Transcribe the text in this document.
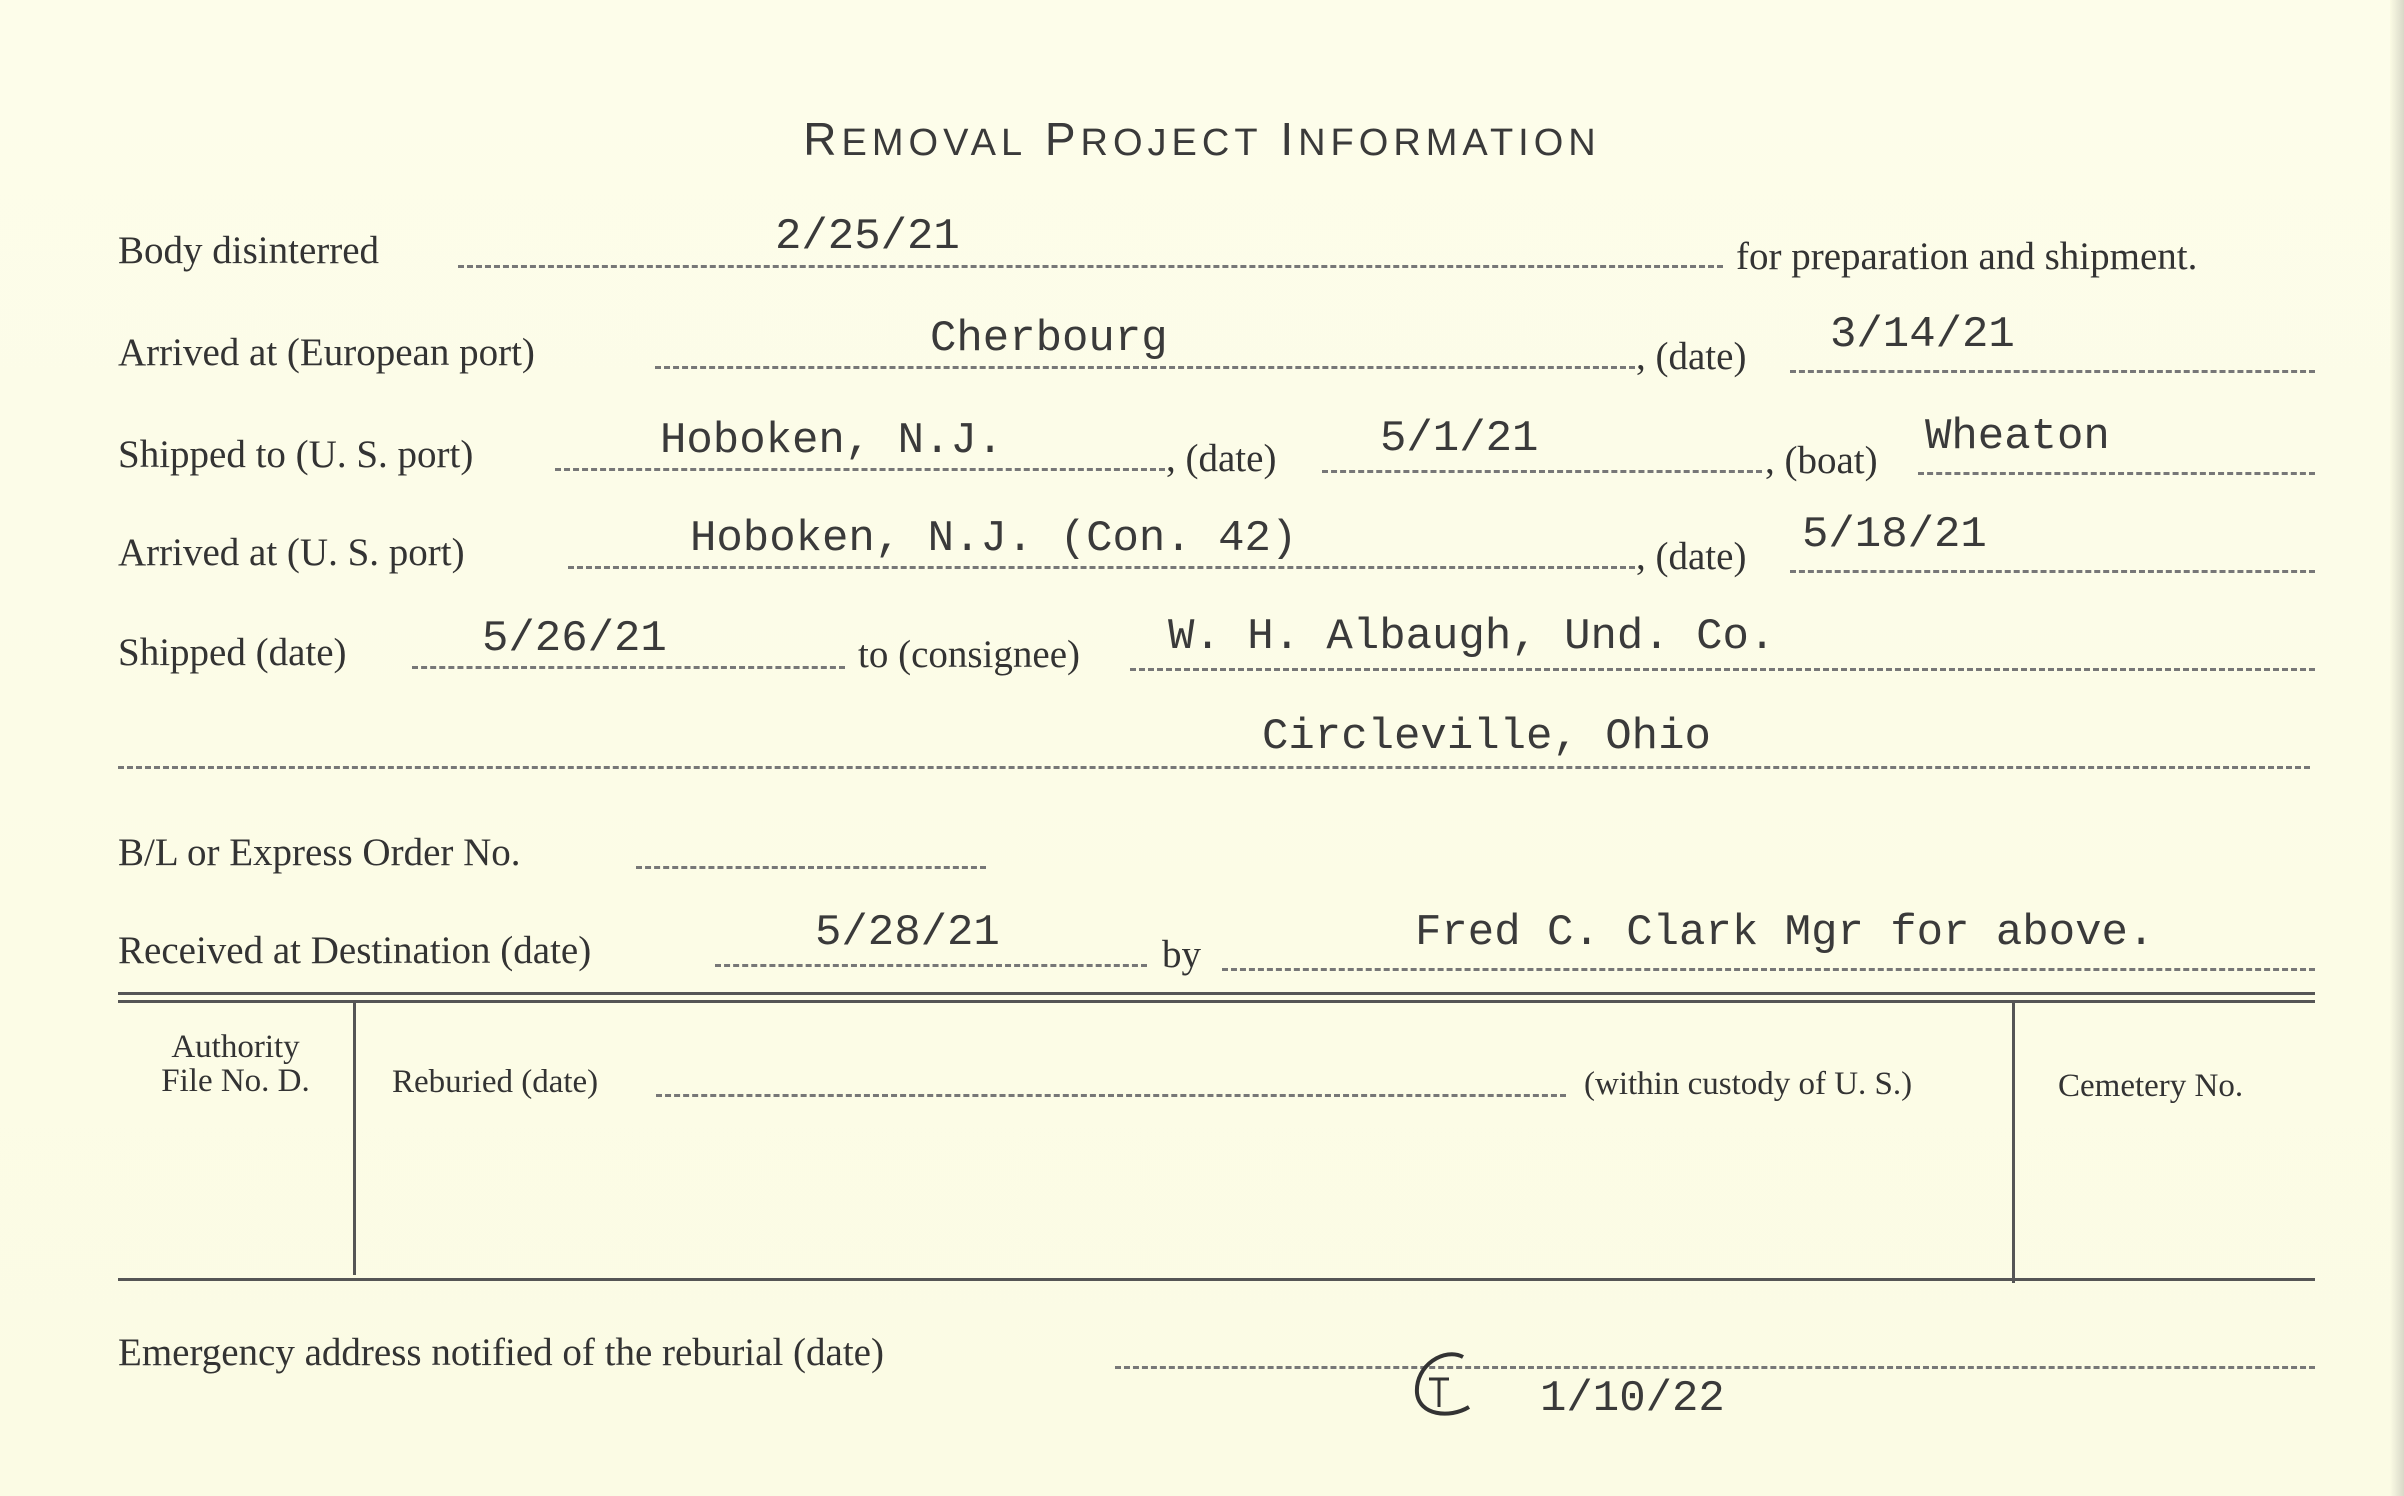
REMOVAL PROJECT INFORMATION
Body disinterred	2/25/21	for preparation and shipment.
Arrived at (European port)	Cherbourg	, (date) 3/14/21
Shipped to (U. S. port)	Hoboken, N.J.	, (date) 5/1/21	, (boat) Wheaton
Arrived at (U. S. port)	Hoboken, N.J. (Con. 42)	, (date) 5/18/21
Shipped (date)	5/26/21	to (consignee) W. H. Albaugh, Und. Co.
Circleville, Ohio
B/L or Express Order No.
Received at Destination (date)	5/28/21	by	Fred C. Clark Mgr for above.
Authority
File No. D.	Reburied (date)	(within custody of U. S.)	Cemetery No.
Emergency address notified of the reburial (date)
1/10/22
